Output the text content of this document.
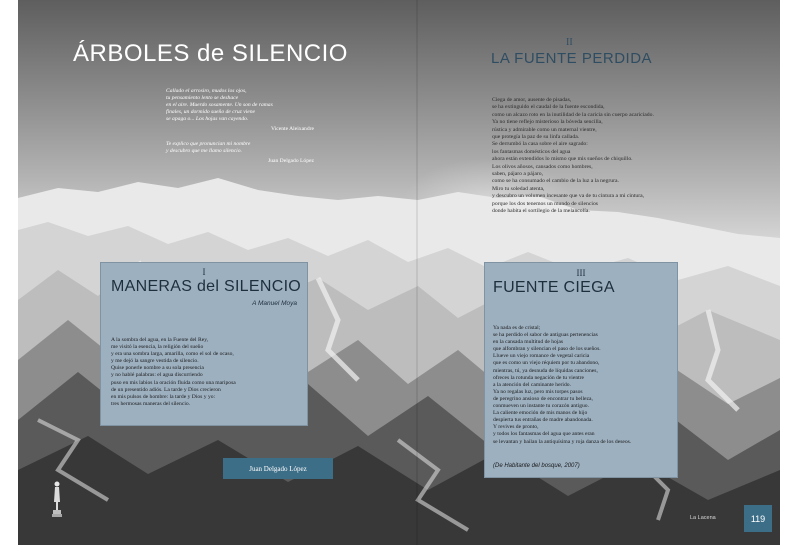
ÁRBOLES de SILENCIO
Callado el arrosiro, mudos los ojos,
tu pensamiento lento se deshace
en el aire. Muerdo sosamente. Un son de ramas
finales, un dormido sueño de cruz viene
se apaga o... Los hojas van cayendo.
Vicente Aleixandre
Te explico que pronuncian mi nombre
y descubro que me llamo silencio.
Juan Delgado López
II
LA FUENTE PERDIDA
Ciega de amor, ausente de pisadas,
se ha extinguido el caudal de la fuente escondida,
como un alcazo roto en la inutilidad de la caricia sin cuerpo acariciado.
Ya no tiene reflejo misterioso la bóveda sencilla,
rústica y admirable como un maternal vientre,
que protegía la paz de su linfa callada.
Se derrumbó la casa sobre el aire sagrado:
los fantasmas domésticos del agua
ahora están extendidos lo mismo que mis sueños de chiquillo.
Los olivos añosos, cansados como hombres,
saben, pájaro a pájaro,
como se ha consumado el cambio de la luz a la negrura.
Miro tu soledad atenta,
y descubro un volumen incesante que va de tu cintura a mi cintura,
porque los dos tenemos un mundo de silencios
donde habita el sortilegio de la melancolía.
I
MANERAS del SILENCIO
A Manuel Moya
A la sombra del agua, en la Fuente del Rey,
me visitó la esencia, la religión del sueño
y era una sombra larga, amarilla, como el sol de ocaso,
y me dejó la sangre vestida de silencio.
Quise ponerle nombre a su sola presencia
y no hablé palabras: el agua discurriendo
puso en mis labios la oración fluida como una mariposa
de un presentido adiós. La tarde y Dios crecieron
en mis pulsos de hombre: la tarde y Dios y yo:
tres hermosas maneras del silencio.
III
FUENTE CIEGA
Ya nada es de cristal;
se ha perdido el sabor de antiguas pertenencias
en la cansada multitud de hojas
que alfombran y silencian el paso de los sueños.
Llueve un viejo romance de vegetal caricia
que es como un viejo réquiem por tu abandono,
mientras, tú, ya desnuda de líquidas canciones,
ofreces la rotunda negación de tu vientre
a la atención del caminante herido.
Ya no regalas luz, pero mis torpes pasos
de peregrino ansioso de encontrar tu belleza,
conmueven un instante tu corazón antiguo.
La caliente emoción de mis manos de hijo
despierta tus entrañas de madre abandonada.
Y revives de pronto,
y todos los fantasmas del agua que antes eran
se levantan y bailan la antiquísima y roja danza de los deseos.
(De Habitante del bosque, 2007)
Juan Delgado López
La Lacena	119
